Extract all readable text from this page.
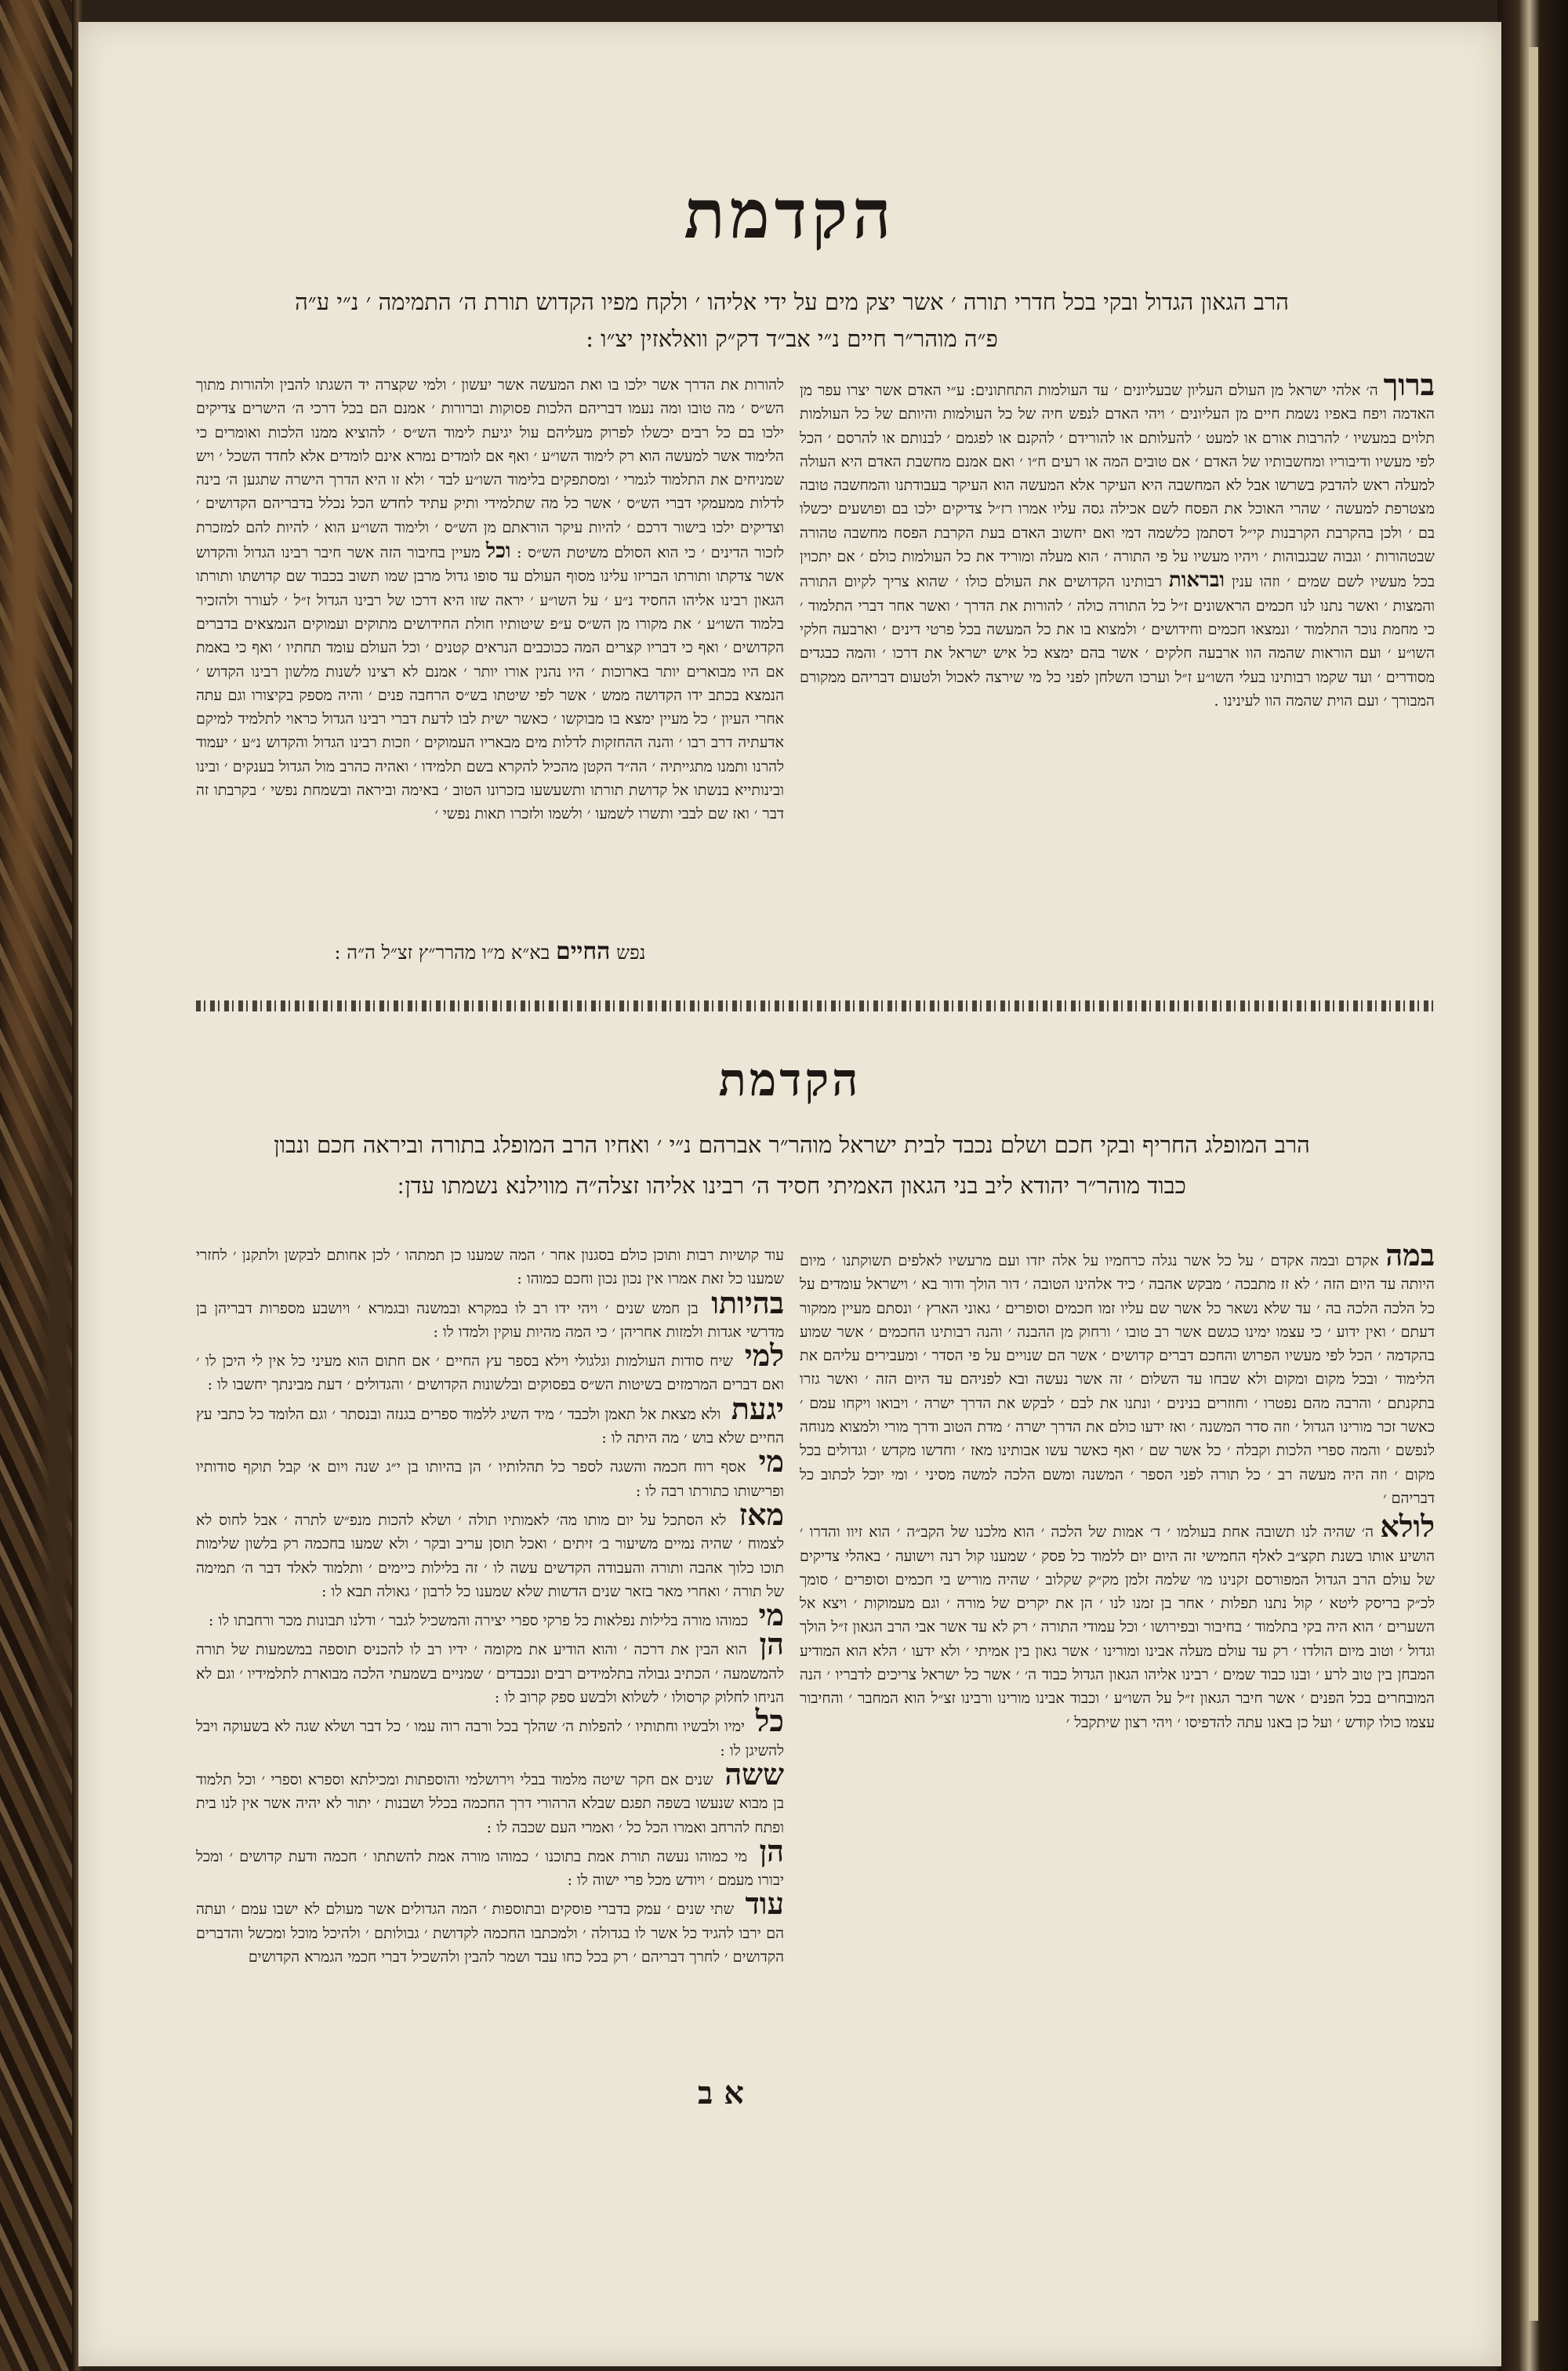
הקדמת
הרב הגאון הגדול ובקי בכל חדרי תורה ׳ אשר יצק מים על ידי אליהו ׳ ולקח מפיו הקדוש תורת ה׳ התמימה ׳ נ״י ע״ה
פ״ה מוהר״ר חיים נ״י אב״ד דק״ק וואלאזין יצ״ו :

ברוך ה׳ אלהי ישראל מן העולם העליון שבעליונים ׳ עד העולמות התחתונים: ע״י האדם אשר יצרו עפר מן האדמה ויפח באפיו נשמת חיים מן העליונים ׳ ויהי האדם לנפש חיה של כל העולמות והיותם של כל העולמות תלוים במעשיו ׳ להרבות אורם או למעט ׳ להעלותם או להורידם ׳ להקנם או לפגמם ׳ לבנותם או להרסם ׳ הכל לפי מעשיו ודיבוריו ומחשבותיו של האדם ׳ אם טובים המה או רעים ח״ו ׳ ואם אמנם מחשבת האדם היא העולה למעלה ראש להדבק בשרשו אבל לא המחשבה היא העיקר אלא המעשה הוא העיקר בעבודתנו והמחשבה טובה מצטרפת למעשה ׳ שהרי האוכל את הפסח לשם אכילה גסה עליו אמרו רז״ל צדיקים ילכו בם ופושעים יכשלו בם ׳ ולכן בהקרבת הקרבנות קי״ל דסתמן כלשמה דמי ואם יחשוב האדם בעת הקרבת הפסח מחשבה טהורה שבטהורות ׳ וגבוה שבגבוהות ׳ ויהיו מעשיו על פי התורה ׳ הוא מעלה ומוריד את כל העולמות כולם ׳ אם יתכוין בכל מעשיו לשם שמים ׳ וזהו ענין ובראות רבותינו הקדושים את העולם כולו ׳ שהוא צריך לקיום התורה והמצות ׳ ואשר נתנו לנו חכמים הראשונים ז״ל כל התורה כולה ׳ להורות את הדרך ׳ ואשר אחר דברי התלמוד ׳ כי מחמת נוכר התלמוד ׳ ונמצאו חכמים וחידושים ׳ ולמצוא בו את כל המעשה בכל פרטי דינים ׳ וארבעה חלקי השו״ע ׳ ועם הוראות שהמה הוו ארבעה חלקים ׳ אשר בהם ימצא כל איש ישראל את דרכו ׳ והמה כבגדים מסודרים ׳ ועד שקמו רבותינו בעלי השו״ע ז״ל וערכו השלחן לפני כל מי שירצה לאכול ולטעום דבריהם ממקורם המבורך ׳ ועם הוית שהמה הוו לעינינו .

להורות את הדרך אשר ילכו בו ואת המעשה אשר יעשון ׳ ולמי שקצרה יד השגתו להבין ולהורות מתוך הש״ס ׳ מה טובו ומה נעמו דבריהם הלכות פסוקות וברורות ׳ אמנם הם בכל דרכי ה׳ הישרים צדיקים ילכו בם כל רבים יכשלו לפרוק מעליהם עול יגיעת לימוד הש״ס ׳ להוציא ממנו הלכות ואומרים כי הלימוד אשר למעשה הוא רק לימוד השו״ע ׳ ואף אם לומדים נמרא אינם לומדים אלא לחדד השכל ׳ ויש שמניחים את התלמוד לגמרי ׳ ומסתפקים בלימוד השו״ע לבד ׳ ולא זו היא הדרך הישרה שתגען ה׳ בינה לדלות ממעמקי דברי הש״ס ׳ אשר כל מה שתלמידי ותיק עתיד לחדש הכל נכלל בדבריהם הקדושים ׳ וצדיקים ילכו בישור דרכם ׳ להיות עיקר הוראתם מן הש״ס ׳ ולימוד השו״ע הוא ׳ להיות להם למזכרת לזכור הדינים ׳ כי הוא הסולם משיטת הש״ס : וכל מעיין בחיבור הזה אשר חיבר רבינו הגדול והקדוש אשר צדקתו ותורתו הבריזו עלינו מסוף העולם עד סופו גדול מרבן שמו תשוב בכבוד שם קדושתו ותורתו הגאון רבינו אליהו החסיד נ״ע ׳ על השו״ע ׳ יראה שזו היא דרכו של רבינו הגדול ז״ל ׳ לעורר ולהזכיר בלמוד השו״ע ׳ את מקורו מן הש״ס ע״פ שיטותיו חולת החידושים מתוקים ועמוקים הנמצאים בדברים הקדושים ׳ ואף כי דבריו קצרים המה ככוכבים הנראים קטנים ׳ וכל העולם עומד תחתיו ׳ ואף כי באמת אם היו מבוארים יותר בארוכות ׳ היו נהנין אורו יותר ׳ אמנם לא רצינו לשנות מלשון רבינו הקדוש ׳ הנמצא בכתב ידו הקדושה ממש ׳ אשר לפי שיטתו בש״ס הרחבה פנים ׳ והיה מספק בקיצורו וגם עתה אחרי העיון ׳ כל מעיין ימצא בו מבוקשו ׳ כאשר ישית לבו לדעת דברי רבינו הגדול כראוי לתלמיד למיקם אדעתיה דרב רבו ׳ והנה ההחזקות לדלות מים מבאריו העמוקים ׳ וזכות רבינו הגדול והקדוש נ״ע ׳ יעמוד להרנו ותמנו מתגייתיה ׳ הה״ד הקטן מהכיל להקרא בשם תלמידו ׳ ואהיה כהרב מול הגדול בענקים ׳ ובינו ובינותייא בנשתו אל קדושת תורתו ותשעשעו בזכרונו הטוב ׳ באימה וביראה ובשמחת נפשי ׳ בקרבתו זה דבר ׳ ואז שם לבבי ותשרו לשמעו ׳ ולשמו ולזכרו תאות נפשי ׳

נפש החיים בא״א מ״ו מהרר״ץ זצ״ל ה״ה :
הקדמת
הרב המופלג החריף ובקי חכם ושלם נכבד לבית ישראל מוהר״ר אברהם נ״י ׳ ואחיו הרב המופלג בתורה וביראה חכם ונבון
כבוד מוהר״ר יהודא ליב בני הגאון האמיתי חסיד ה׳ רבינו אליהו זצלה״ה מווילנא נשמתו עדן ׃

במה אקדם ובמה אקדם ׳ על כל אשר נגלה כרחמיו על אלה יזדו ועם מרעשיו לאלפים תשוקתנו ׳ מיום היותה עד היום הזה ׳ לא זז מתבכה ׳ מבקש אהבה ׳ כיד אלהינו הטובה ׳ דור הולך ודור בא ׳ וישראל עומדים על כל הלכה הלכה בה ׳ עד שלא נשאר כל אשר שם עליו זמו חכמים וסופרים ׳ גאוני הארץ ׳ ונסתם מעיין ממקור דעתם ׳ ואין ידוע ׳ כי עצמו ימינו כגשם אשר רב טובו ׳ ורחוק מן ההבנה ׳ והנה רבותינו החכמים ׳ אשר שמוע בהקדמה ׳ הכל לפי מעשיו הפרוש והחכם דברים קדושים ׳ אשר הם שנויים על פי הסדר ׳ ומעבירים עליהם את הלימוד ׳ ובכל מקום ומקום ולא שבחו עד השלום ׳ זה אשר נעשה ובא לפניהם עד היום הזה ׳ ואשר גזרו בתקנתם ׳ והרבה מהם נפטרו ׳ וחוזרים בנינים ׳ ונתנו את לבם ׳ לבקש את הדרך ישרה ׳ ויבואו ויקחו עמם ׳ כאשר זכר מורינו הגדול ׳ וזה סדר המשנה ׳ ואז ידעו כולם את הדרך ישרה ׳ מדת הטוב ודרך מורי ולמצוא מנוחה לנפשם ׳ והמה ספרי הלכות וקבלה ׳ כל אשר שם ׳ ואף כאשר עשו אבותינו מאז ׳ וחדשו מקדש ׳ וגדולים בכל מקום ׳ וזה היה מעשה רב ׳ כל תורה לפני הספר ׳ המשנה ומשם הלכה למשה מסיני ׳ ומי יוכל לכתוב כל דבריהם ׳

לולא ה׳ שהיה לנו תשובה אחת בעולמו ׳ ד׳ אמות של הלכה ׳ הוא מלכנו של הקב״ה ׳ הוא זיוו והדרו ׳ הושיע אותו בשנת תקצ״ב לאלף החמישי זה היום יום ללמוד כל פסק ׳ שמענו קול רנה וישועה ׳ באהלי צדיקים של עולם הרב הגדול המפורסם זקנינו מו׳ שלמה זלמן מק״ק שקלוב ׳ שהיה מוריש בי חכמים וסופרים ׳ סומך לכ״ק בריסק ליטא ׳ קול נתנו תפלות ׳ אחר בן זמנו לנו ׳ הן את יקרים של מורה ׳ וגם מעמוקות ׳ ויצא אל השערים ׳ הוא היה בקי בתלמוד ׳ בחיבור ובפירושו ׳ וכל עמודי התורה ׳ רק לא עד אשר אבי הרב הגאון ז״ל הולך וגדול ׳ וטוב מיום הולדו ׳ רק עד עולם מעלה אבינו ומורינו ׳ אשר גאון בין אמיתי ׳ ולא ידעו ׳ הלא הוא המודיע המבחן בין טוב לרע ׳ ובנו כבוד שמים ׳ רבינו אליהו הגאון הגדול כבוד ה׳ ׳ אשר כל ישראל צריכים לדבריו ׳ הנה המובחרים בכל הפנים ׳ אשר חיבר הגאון ז״ל על השו״ע ׳ וכבוד אבינו מורינו ורבינו זצ״ל הוא המחבר ׳ והחיבור עצמו כולו קודש ׳ ועל כן באנו עתה להדפיסו ׳ ויהי רצון שיתקבל ׳

עוד קושיות רבות ותוכן כולם בסגנון אחר ׳ המה שמענו כן תמתהו ׳ לכן אחותם לבקשן ולתקנן ׳ לחזרי שמענו כל זאת אמרו אין נכון נכון וחכם כמוהו :

בהיותו בן חמש שנים ׳ ויהי ידו רב לו במקרא ובמשנה ובגמרא ׳ ויושבע מספרות דבריהן בן מדרשי אגדות ולמזות אחריהן ׳ כי המה מהיות עוקין ולמדו לו :

למי שיח סודות העולמות וגלגולי וילא בספר עץ החיים ׳ אם חתום הוא מעיני כל אין לי היכן לו ׳ ואם דברים המרמזים בשיטות הש״ס בפסוקים ובלשונות הקדושים ׳ והגדולים ׳ דעת מבינתך יחשבו לו :

יגעת ולא מצאת אל תאמן ולכבד ׳ מיד השיג ללמוד ספרים בגנזה ובנסתר ׳ וגם הלומד כל כתבי עץ החיים שלא בוש ׳ מה היתה לו :

מי אסף רוח חכמה והשגה לספר כל תהלותיו ׳ הן בהיותו בן י״ג שנה ויום א׳ קבל תוקף סודותיו ופרישותו כתורתו רבה לו :

מאז לא הסתכל על יום מותו מה׳ לאמותיו תולה ׳ ושלא להכות מנפ״ש לתרה ׳ אבל לחוס לא לצמוח ׳ שהיה נמיים משיעור ב׳ זיתים ׳ ואכל תוסן עריב ובקר ׳ ולא שמעו בחכמה רק בלשון שלימות תוכו כלוך אהבה ותורה והעבודה הקדשים עשה לו ׳ זה בלילות כיימים ׳ ותלמוד לאלד דבר ה׳ תמימה של תורה ׳ ואחרי מאר בזאר שנים הדשות שלא שמענו כל לרבון ׳ גאולה תבא לו :

מי כמוהו מורה בלילות נפלאות כל פרקי ספרי יצירה והמשכיל לגבר ׳ ודלנו תבונות מכר ורחבתו לו :

הן הוא הבין את דרכה ׳ והוא הודיע את מקומה ׳ ידיו רב לו להכניס תוספה במשמעות של תורה להמשמעה ׳ הכתיב גבולה בתלמידים רבים ונכבדים ׳ שמניים בשמעתי הלכה מבוארת לתלמידיו ׳ וגם לא הניחו לחלוק קרסולו ׳ לשלוא ולבשע ספק קרוב לו :

כל ימיו ולבשיו וחתותיו ׳ להפלות ה׳ שהלך בכל ורבה רוה עמו ׳ כל דבר ושלא שגה לא בשעוקה ויבל להשיגן לו :

ששה שנים אם חקר שיטה מלמוד בבלי וירושלמי והוספתות ומכילתא וספרא וספרי ׳ וכל תלמוד בן מבוא שנעשו בשפה תפגם שבלא הרהורי דרך החכמה בכלל ושבנות ׳ יתור לא יהיה אשר אין לנו בית ופתח להרחב ואמרו הכל כל ׳ ואמרי העם שכבה לו :

הן מי כמוהו נעשה תורת אמת בתוכנו ׳ כמוהו מורה אמת להשתתו ׳ חכמה ודעת קדושים ׳ ומכל יבורו מעמם ׳ ויודש מכל פרי ישוה לו :

עוד שתי שנים ׳ עמק בדברי פוסקים ובתוספות ׳ המה הגדולים אשר מעולם לא ישבו עמם ׳ ועתה הם ירבו להגיד כל אשר לו בגדולה ׳ ולמכתבו החכמה לקדושת ׳ גבולותם ׳ ולהיכל מוכל ומכשל והדברים הקדושים ׳ לחרך דבריהם ׳ רק בכל כחו עבד ושמר להבין ולהשכיל דברי חכמי הגמרא הקדושים

א ב
